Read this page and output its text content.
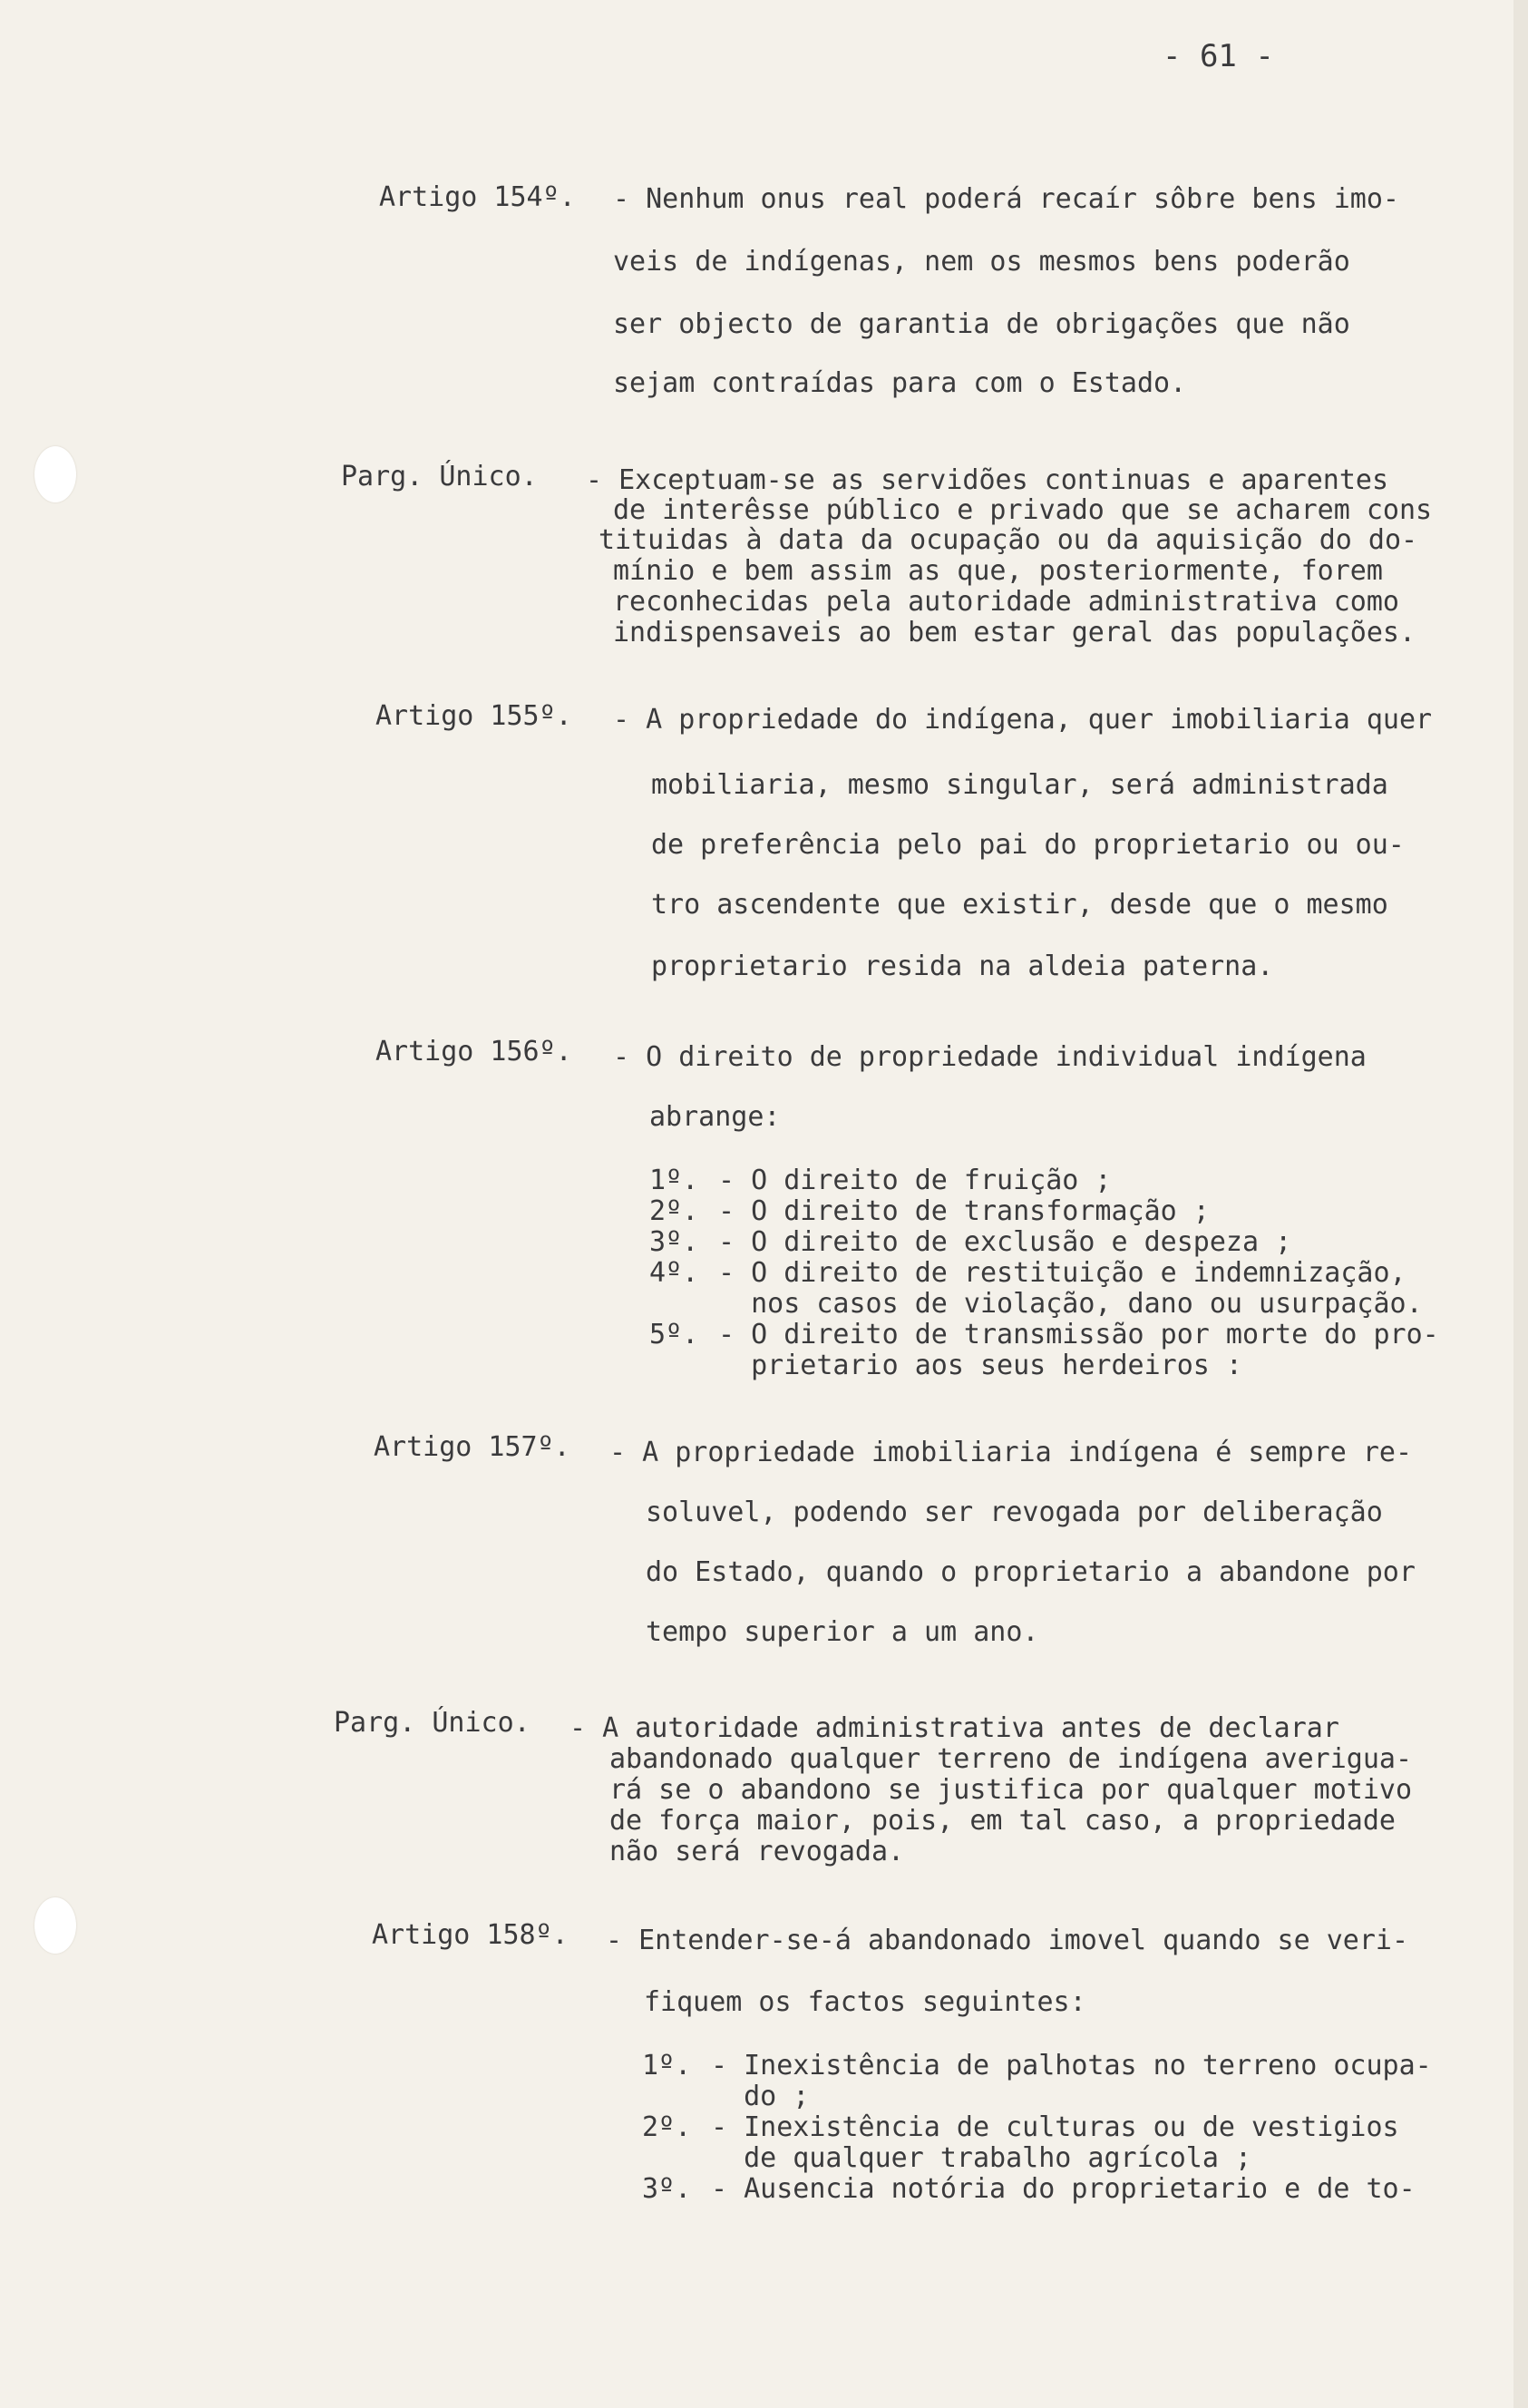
- 61 -
Artigo 154º. - Nenhum onus real poderá recaír sôbre bens imo-
veis de indígenas, nem os mesmos bens poderão
ser objecto de garantia de obrigações que não
sejam contraídas para com o Estado.
Parg. Único. - Exceptuam-se as servidões continuas e aparentes
de interêsse público e privado que se acharem cons
tituidas à data da ocupação ou da aquisição do do-
mínio e bem assim as que, posteriormente, forem
reconhecidas pela autoridade administrativa como
indispensaveis ao bem estar geral das populações.
Artigo 155º. - A propriedade do indígena, quer imobiliaria quer
mobiliaria, mesmo singular, será administrada
de preferência pelo pai do proprietario ou ou-
tro ascendente que existir, desde que o mesmo
proprietario resida na aldeia paterna.
Artigo 156º. - O direito de propriedade individual indígena
abrange:
1º. - O direito de fruição ;
2º. - O direito de transformação ;
3º. - O direito de exclusão e despeza ;
4º. - O direito de restituição e indemnização,
nos casos de violação, dano ou usurpação.
5º. - O direito de transmissão por morte do pro-
prietario aos seus herdeiros :
Artigo 157º. - A propriedade imobiliaria indígena é sempre re-
soluvel, podendo ser revogada por deliberação
do Estado, quando o proprietario a abandone por
tempo superior a um ano.
Parg. Único. - A autoridade administrativa antes de declarar
abandonado qualquer terreno de indígena averigua-
rá se o abandono se justifica por qualquer motivo
de força maior, pois, em tal caso, a propriedade
não será revogada.
Artigo 158º. - Entender-se-á abandonado imovel quando se veri-
fiquem os factos seguintes:
1º. - Inexistência de palhotas no terreno ocupa-
do ;
2º. - Inexistência de culturas ou de vestigios
de qualquer trabalho agrícola ;
3º. - Ausencia notória do proprietario e de to-
